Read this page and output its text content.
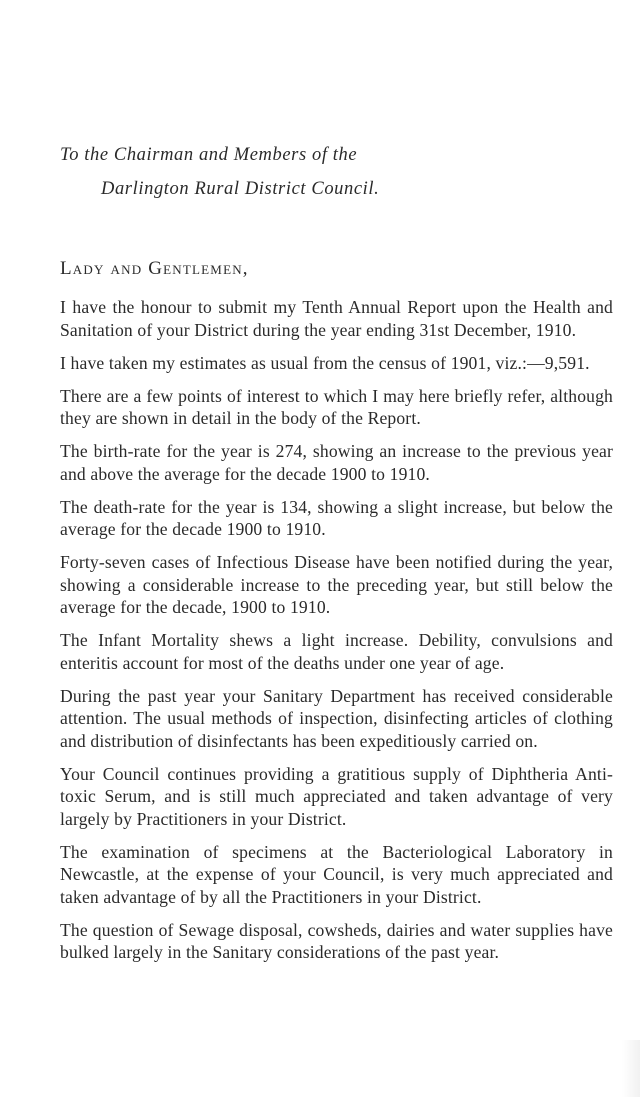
To the Chairman and Members of the

Darlington Rural District Council.

Lady and Gentlemen,

I have the honour to submit my Tenth Annual Report upon the Health and Sanitation of your District during the year ending 31st December, 1910.

I have taken my estimates as usual from the census of 1901, viz.:—9,591.

There are a few points of interest to which I may here briefly refer, although they are shown in detail in the body of the Report.

The birth-rate for the year is 274, showing an increase to the previous year and above the average for the decade 1900 to 1910.

The death-rate for the year is 134, showing a slight increase, but below the average for the decade 1900 to 1910.

Forty-seven cases of Infectious Disease have been notified during the year, showing a considerable increase to the preceding year, but still below the average for the decade, 1900 to 1910.

The Infant Mortality shews a light increase. Debility, convulsions and enteritis account for most of the deaths under one year of age.

During the past year your Sanitary Department has received considerable attention. The usual methods of inspection, disinfecting articles of clothing and distribution of disinfectants has been expeditiously carried on.

Your Council continues providing a gratitious supply of Diphtheria Anti-toxic Serum, and is still much appreciated and taken advantage of very largely by Practitioners in your District.

The examination of specimens at the Bacteriological Laboratory in Newcastle, at the expense of your Council, is very much appreciated and taken advantage of by all the Practitioners in your District.

The question of Sewage disposal, cowsheds, dairies and water supplies have bulked largely in the Sanitary considerations of the past year.
